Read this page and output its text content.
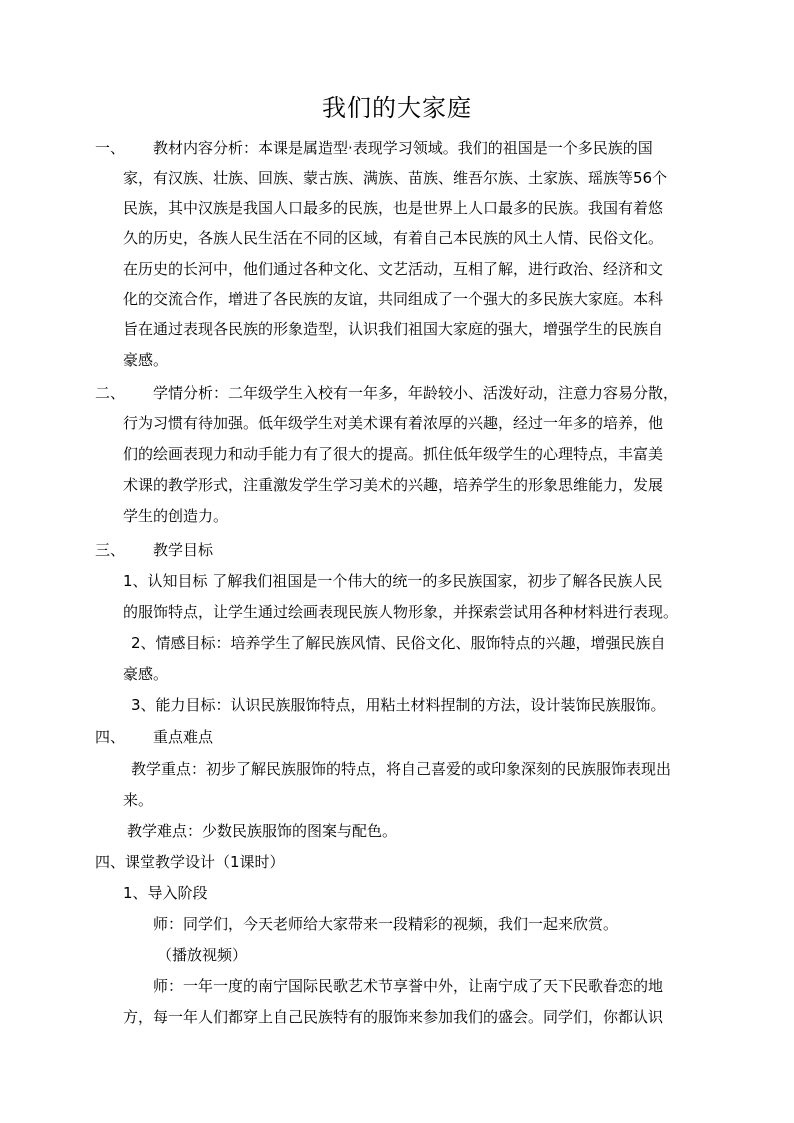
我们的大家庭
一、 教材内容分析：本课是属造型·表现学习领域。我们的祖国是一个多民族的国

家，有汉族、壮族、回族、蒙古族、满族、苗族、维吾尔族、土家族、瑶族等56个

民族，其中汉族是我国人口最多的民族，也是世界上人口最多的民族。我国有着悠

久的历史，各族人民生活在不同的区域，有着自己本民族的风土人情、民俗文化。

在历史的长河中，他们通过各种文化、文艺活动，互相了解，进行政治、经济和文

化的交流合作，增进了各民族的友谊，共同组成了一个强大的多民族大家庭。本科

旨在通过表现各民族的形象造型，认识我们祖国大家庭的强大，增强学生的民族自

豪感。

二、 学情分析：二年级学生入校有一年多，年龄较小、活泼好动，注意力容易分散，

行为习惯有待加强。低年级学生对美术课有着浓厚的兴趣，经过一年多的培养，他

们的绘画表现力和动手能力有了很大的提高。抓住低年级学生的心理特点，丰富美

术课的教学形式，注重激发学生学习美术的兴趣，培养学生的形象思维能力，发展

学生的创造力。

三、 教学目标

1、认知目标 了解我们祖国是一个伟大的统一的多民族国家，初步了解各民族人民

的服饰特点，让学生通过绘画表现民族人物形象，并探索尝试用各种材料进行表现。

2、情感目标：培养学生了解民族风情、民俗文化、服饰特点的兴趣，增强民族自

豪感。

3、能力目标：认识民族服饰特点，用粘土材料捏制的方法，设计装饰民族服饰。

四、 重点难点

教学重点：初步了解民族服饰的特点，将自己喜爱的或印象深刻的民族服饰表现出

来。

教学难点：少数民族服饰的图案与配色。

四、课堂教学设计（1课时）

1、导入阶段

师：同学们，今天老师给大家带来一段精彩的视频，我们一起来欣赏。

（播放视频）

师：一年一度的南宁国际民歌艺术节享誉中外，让南宁成了天下民歌眷恋的地

方，每一年人们都穿上自己民族特有的服饰来参加我们的盛会。同学们，你都认识
